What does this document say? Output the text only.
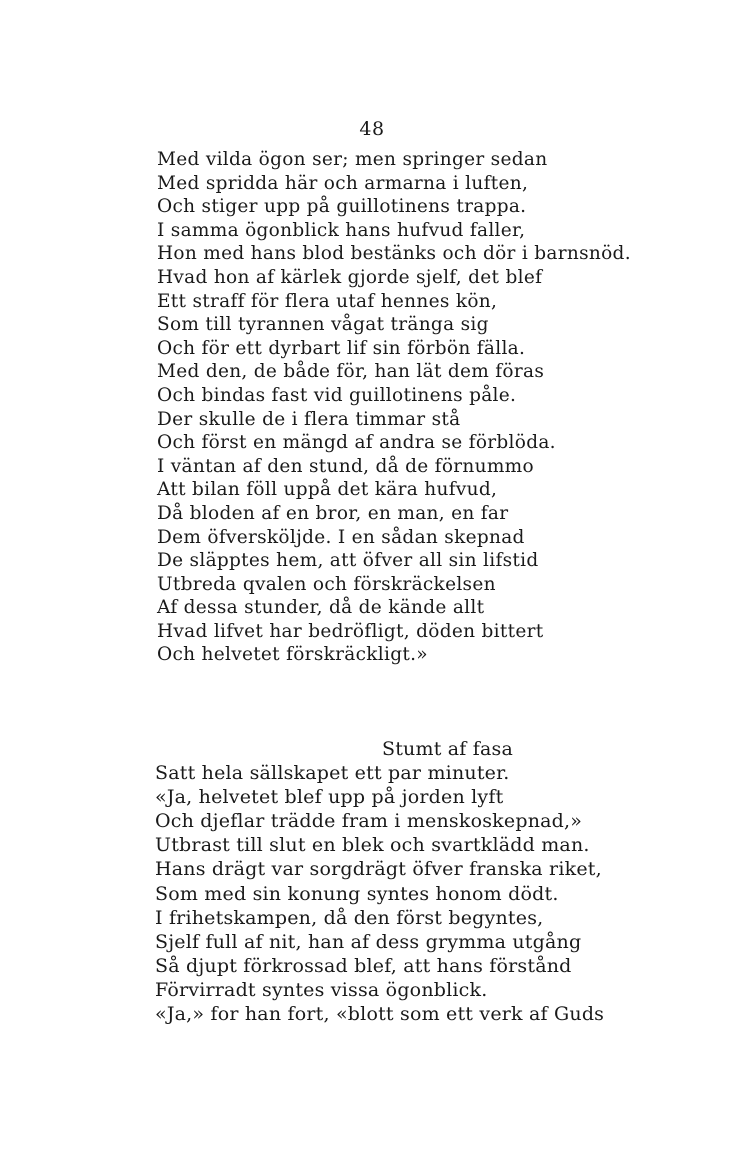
48
Med vilda ögon ser; men springer sedan
Med spridda här och armarna i luften,
Och stiger upp på guillotinens trappa.
I samma ögonblick hans hufvud faller,
Hon med hans blod bestänks och dör i barnsnöd.
Hvad hon af kärlek gjorde sjelf, det blef
Ett straff för flera utaf hennes kön,
Som till tyrannen vågat tränga sig
Och för ett dyrbart lif sin förbön fälla.
Med den, de både för, han lät dem föras
Och bindas fast vid guillotinens påle.
Der skulle de i flera timmar stå
Och först en mängd af andra se förblöda.
I väntan af den stund, då de förnummo
Att bilan föll uppå det kära hufvud,
Då bloden af en bror, en man, en far
Dem öfversköljde. I en sådan skepnad
De släpptes hem, att öfver all sin lifstid
Utbreda qvalen och förskräckelsen
Af dessa stunder, då de kände allt
Hvad lifvet har bedröfligt, döden bittert
Och helvetet förskräckligt.»
Stumt af fasa
Satt hela sällskapet ett par minuter.
«Ja, helvetet blef upp på jorden lyft
Och djeflar trädde fram i menskoskepnad,»
Utbrast till slut en blek och svartklädd man.
Hans drägt var sorgdrägt öfver franska riket,
Som med sin konung syntes honom dödt.
I frihetskampen, då den först begyntes,
Sjelf full af nit, han af dess grymma utgång
Så djupt förkrossad blef, att hans förstånd
Förvirradt syntes vissa ögonblick.
«Ja,» for han fort, «blott som ett verk af Guds
